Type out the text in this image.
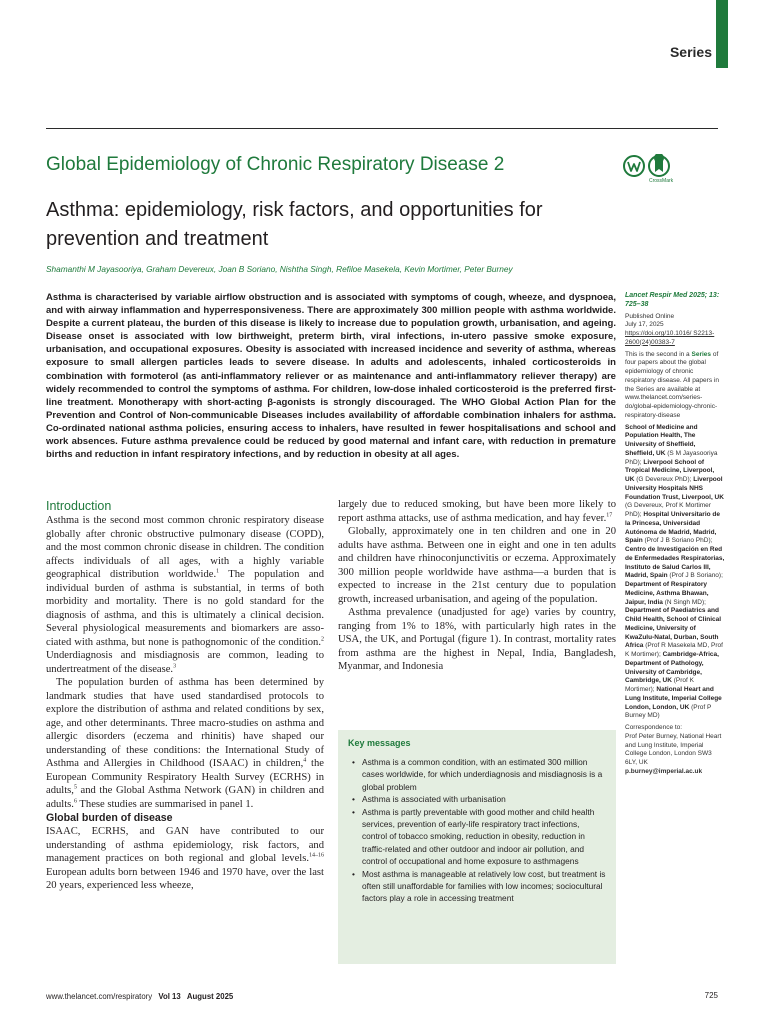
Series
Global Epidemiology of Chronic Respiratory Disease 2
CrossMark
Asthma: epidemiology, risk factors, and opportunities for prevention and treatment
Shamanthi M Jayasooriya, Graham Devereux, Joan B Soriano, Nishtha Singh, Refiloe Masekela, Kevin Mortimer, Peter Burney

Asthma is characterised by variable airflow obstruction and is associated with symptoms of cough, wheeze, and dyspnoea, and with airway inflammation and hyperresponsiveness. There are approximately 300 million people with asthma worldwide. Despite a current plateau, the burden of this disease is likely to increase due to population growth, urbanisation, and ageing. Disease onset is associated with low birthweight, preterm birth, viral infections, in-utero passive smoke exposure, urbanisation, and occupational exposures. Obesity is associated with increased incidence and severity of asthma, whereas exposure to small allergen particles leads to severe disease. In adults and adolescents, inhaled corticosteroids in combination with formoterol (as anti-inflammatory reliever or as maintenance and anti-inflammatory reliever therapy) are widely recommended to control the symptoms of asthma. For children, low-dose inhaled corticosteroid is the preferred first-line treatment. Monotherapy with short-acting β-agonists is strongly discouraged. The WHO Global Action Plan for the Prevention and Control of Non-communicable Diseases includes availability of affordable combination inhalers for asthma. Co-ordinated national asthma policies, ensuring access to inhalers, have resulted in fewer hospitalisations and school and work absences. Future asthma prevalence could be reduced by good maternal and infant care, with reduction in premature births and reduction in infant respiratory infections, and by reduction in obesity at all ages.

Lancet Respir Med 2025; 13: 725–38

Published Online
July 17, 2025
https://doi.org/10.1016/ S2213-2600(24)00383-7

This is the second in a Series of four papers about the global epidemiology of chronic respiratory disease. All papers in the Series are available at www.thelancet.com/series-do/global-epidemiology-chronic-respiratory-disease

School of Medicine and Population Health, The University of Sheffield, Sheffield, UK (S M Jayasooriya PhD); Liverpool School of Tropical Medicine, Liverpool, UK (G Devereux PhD); Liverpool University Hospitals NHS Foundation Trust, Liverpool, UK (G Devereux, Prof K Mortimer PhD); Hospital Universitario de la Princesa, Universidad Autónoma de Madrid, Madrid, Spain (Prof J B Soriano PhD); Centro de Investigación en Red de Enfermedades Respiratorias, Instituto de Salud Carlos III, Madrid, Spain (Prof J B Soriano); Department of Respiratory Medicine, Asthma Bhawan, Jaipur, India (N Singh MD); Department of Paediatrics and Child Health, School of Clinical Medicine, University of KwaZulu-Natal, Durban, South Africa (Prof R Masekela MD, Prof K Mortimer); Cambridge-Africa, Department of Pathology, University of Cambridge, Cambridge, UK (Prof K Mortimer); National Heart and Lung Institute, Imperial College London, London, UK (Prof P Burney MD)

Correspondence to:
Prof Peter Burney, National Heart and Lung Institute, Imperial College London, London SW3 6LY, UK
p.burney@imperial.ac.uk

Introduction

Asthma is the second most common chronic respiratory disease globally after chronic obstructive pulmonary disease (COPD), and the most common chronic disease in children. The condition affects individuals of all ages, with a highly variable geographical distribution worldwide.$^1$ The population and individual burden of asthma is substantial, in terms of both morbidity and mortality. There is no gold standard for the diagnosis of asthma, and this is ultimately a clinical decision. Several physiological measurements and biomarkers are associated with asthma, but none is pathognomonic of the condition.$^2$ Underdiagnosis and misdiagnosis are common, leading to undertreatment of the disease.$^3$

The population burden of asthma has been determined by landmark studies that have used standardised protocols to explore the distribution of asthma and related conditions by sex, age, and other determinants. Three macro-studies on asthma and allergic disorders (eczema and rhinitis) have shaped our understanding of these conditions: the International Study of Asthma and Allergies in Childhood (ISAAC) in children,$^4$ the European Community Respiratory Health Survey (ECRHS) in adults,$^5$ and the Global Asthma Network (GAN) in children and adults.$^6$ These studies are summarised in panel 1.

Global burden of disease

ISAAC, ECRHS, and GAN have contributed to our understanding of asthma epidemiology, risk factors, and management practices on both regional and global levels.$^{14-16}$ European adults born between 1946 and 1970 have, over the last 20 years, experienced less wheeze,

largely due to reduced smoking, but have been more likely to report asthma attacks, use of asthma medication, and hay fever.$^{17}$

Globally, approximately one in ten children and one in 20 adults have asthma. Between one in eight and one in ten adults and children have rhinoconjunctivitis or eczema. Approximately 300 million people worldwide have asthma—a burden that is expected to increase in the 21st century due to population growth, increased urbanisation, and ageing of the population.

Asthma prevalence (unadjusted for age) varies by country, ranging from 1% to 18%, with particularly high rates in the USA, the UK, and Portugal (figure 1). In contrast, mortality rates from asthma are the highest in Nepal, India, Bangladesh, Myanmar, and Indonesia

Key messages

• Asthma is a common condition, with an estimated 300 million cases worldwide, for which underdiagnosis and misdiagnosis is a global problem
• Asthma is associated with urbanisation
• Asthma is partly preventable with good mother and child health services, prevention of early-life respiratory tract infections, control of tobacco smoking, reduction in obesity, reduction in traffic-related and other outdoor and indoor air pollution, and control of occupational and home exposure to asthmagens
• Most asthma is manageable at relatively low cost, but treatment is often still unaffordable for families with low incomes; sociocultural factors play a role in accessing treatment
www.thelancet.com/respiratory Vol 13 August 2025	725
